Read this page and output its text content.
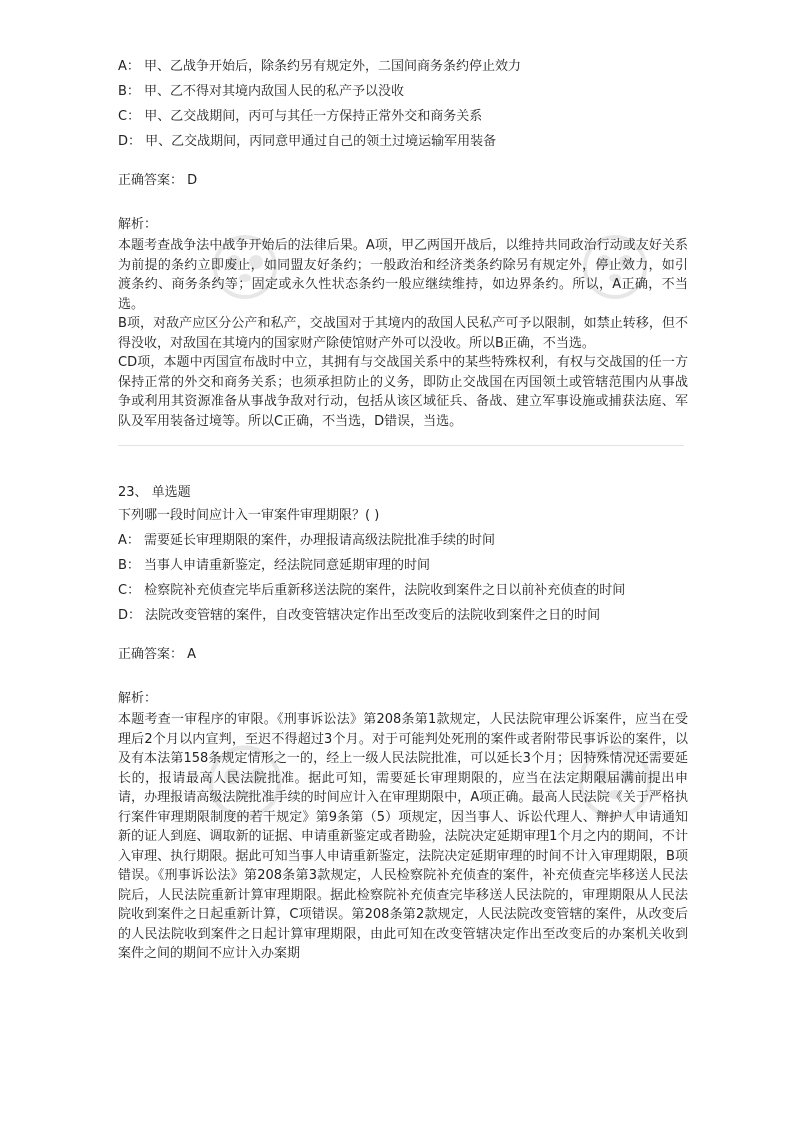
A： 甲、乙战争开始后，除条约另有规定外，二国间商务条约停止效力

B： 甲、乙不得对其境内敌国人民的私产予以没收

C： 甲、乙交战期间，丙可与其任一方保持正常外交和商务关系

D： 甲、乙交战期间，丙同意甲通过自己的领土过境运输军用装备

正确答案： D

解析：

本题考查战争法中战争开始后的法律后果。A项，甲乙两国开战后，以维持共同政治行动或友好关系为前提的条约立即废止，如同盟友好条约；一般政治和经济类条约除另有规定外，停止效力，如引渡条约、商务条约等；固定或永久性状态条约一般应继续维持，如边界条约。所以，A正确，不当选。

B项，对敌产应区分公产和私产，交战国对于其境内的敌国人民私产可予以限制，如禁止转移，但不得没收，对敌国在其境内的国家财产除使馆财产外可以没收。所以B正确，不当选。

CD项，本题中丙国宣布战时中立，其拥有与交战国关系中的某些特殊权利，有权与交战国的任一方保持正常的外交和商务关系；也须承担防止的义务，即防止交战国在丙国领土或管辖范围内从事战争或利用其资源准备从事战争敌对行动，包括从该区域征兵、备战、建立军事设施或捕获法庭、军队及军用装备过境等。所以C正确，不当选，D错误，当选。

23、 单选题

下列哪一段时间应计入一审案件审理期限？( )

A： 需要延长审理期限的案件，办理报请高级法院批准手续的时间

B： 当事人申请重新鉴定，经法院同意延期审理的时间

C： 检察院补充侦查完毕后重新移送法院的案件，法院收到案件之日以前补充侦查的时间

D： 法院改变管辖的案件，自改变管辖决定作出至改变后的法院收到案件之日的时间

正确答案： A

解析：

本题考查一审程序的审限。《刑事诉讼法》第208条第1款规定，人民法院审理公诉案件，应当在受理后2个月以内宣判，至迟不得超过3个月。对于可能判处死刑的案件或者附带民事诉讼的案件，以及有本法第158条规定情形之一的，经上一级人民法院批准，可以延长3个月；因特殊情况还需要延长的，报请最高人民法院批准。据此可知，需要延长审理期限的，应当在法定期限届满前提出申请，办理报请高级法院批准手续的时间应计入在审理期限中，A项正确。最高人民法院《关于严格执行案件审理期限制度的若干规定》第9条第（5）项规定，因当事人、诉讼代理人、辩护人申请通知新的证人到庭、调取新的证据、申请重新鉴定或者勘验，法院决定延期审理1个月之内的期间，不计入审理、执行期限。据此可知当事人申请重新鉴定，法院决定延期审理的时间不计入审理期限，B项错误。《刑事诉讼法》第208条第3款规定，人民检察院补充侦查的案件，补充侦查完毕移送人民法院后，人民法院重新计算审理期限。据此检察院补充侦查完毕移送人民法院的，审理期限从人民法院收到案件之日起重新计算，C项错误。第208条第2款规定，人民法院改变管辖的案件，从改变后的人民法院收到案件之日起计算审理期限，由此可知在改变管辖决定作出至改变后的办案机关收到案件之间的期间不应计入办案期
